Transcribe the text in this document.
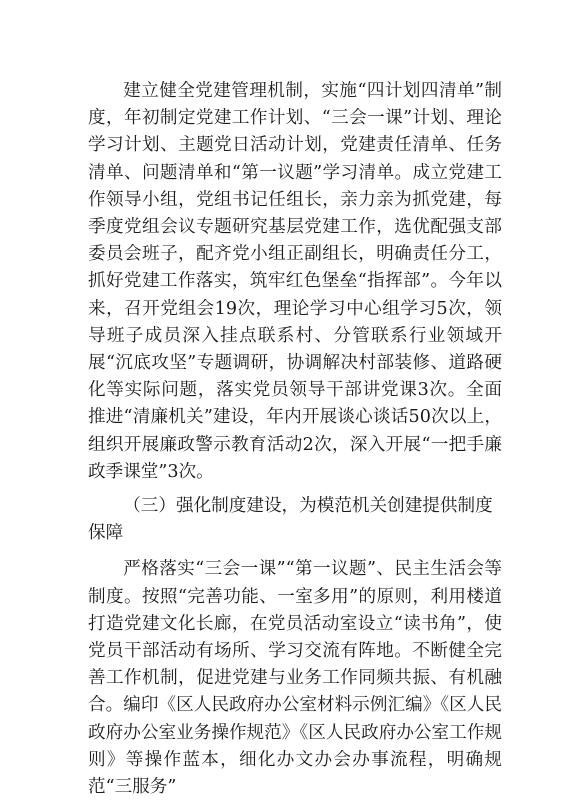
建立健全党建管理机制，实施“四计划四清单”制度，年初制定党建工作计划、“三会一课”计划、理论学习计划、主题党日活动计划，党建责任清单、任务清单、问题清单和“第一议题”学习清单。成立党建工作领导小组，党组书记任组长，亲力亲为抓党建，每季度党组会议专题研究基层党建工作，选优配强支部委员会班子，配齐党小组正副组长，明确责任分工，抓好党建工作落实，筑牢红色堡垒“指挥部”。今年以来，召开党组会19次，理论学习中心组学习5次，领导班子成员深入挂点联系村、分管联系行业领域开展“沉底攻坚”专题调研，协调解决村部装修、道路硬化等实际问题，落实党员领导干部讲党课3次。全面推进“清廉机关”建设，年内开展谈心谈话50次以上，组织开展廉政警示教育活动2次，深入开展“一把手廉政季课堂”3次。

（三）强化制度建设，为模范机关创建提供制度保障

严格落实“三会一课”“第一议题”、民主生活会等制度。按照“完善功能、一室多用”的原则，利用楼道打造党建文化长廊，在党员活动室设立“读书角”，使党员干部活动有场所、学习交流有阵地。不断健全完善工作机制，促进党建与业务工作同频共振、有机融合。编印《区人民政府办公室材料示例汇编》《区人民政府办公室业务操作规范》《区人民政府办公室工作规则》等操作蓝本，细化办文办会办事流程，明确规范“三服务”
